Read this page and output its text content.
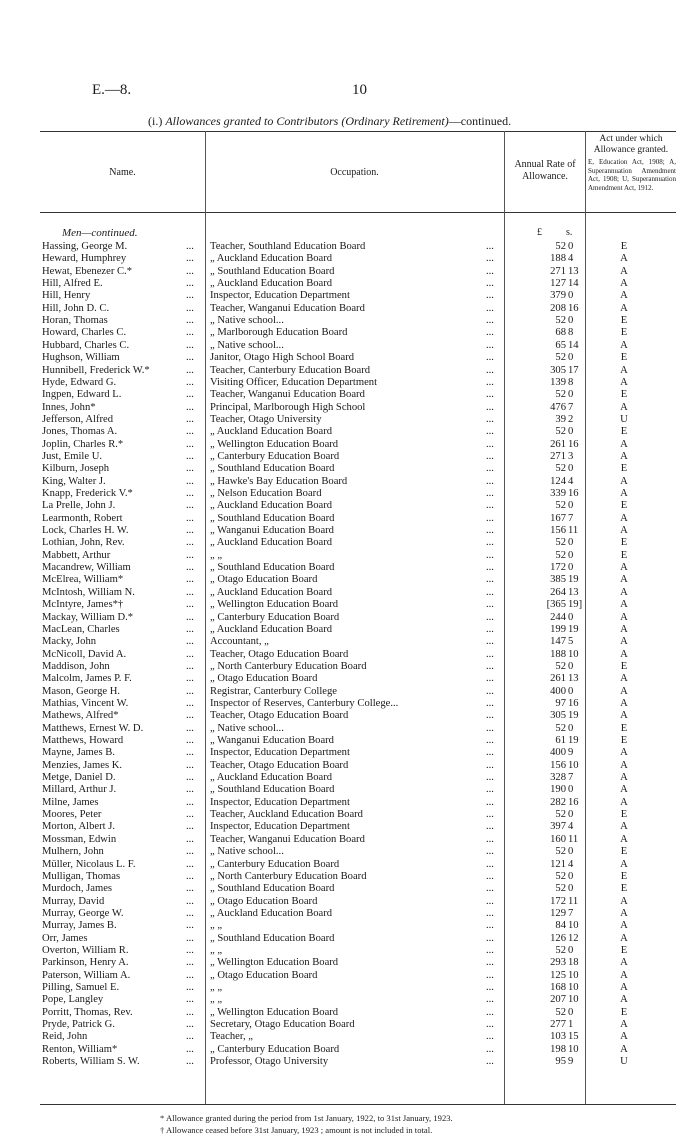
E.—8.	10
(i.) Allowances granted to Contributors (Ordinary Retirement)—continued.
Name.	Occupation.
Annual Rate of Allowance.
Act under which Allowance granted.
E, Education Act, 1908; A, Superannuation Amendment Act, 1908; U, Superannuation Amendment Act, 1912.
Men—continued.	£ s.
Hassing, George M.	... Teacher, Southland Education Board	...	52 0	E
Heward, Humphrey	... „ Auckland Education Board	...	188 4	A
Hewat, Ebenezer C.*	... „ Southland Education Board	...	271 13	A
Hill, Alfred E.	... „ Auckland Education Board	...	127 14	A
Hill, Henry	... Inspector, Education Department	...	379 0	A
Hill, John D. C.	... Teacher, Wanganui Education Board	...	208 16	A
Horan, Thomas	... „ Native school...	...	52 0	E
Howard, Charles C.	... „ Marlborough Education Board	...	68 8	E
Hubbard, Charles C.	... „ Native school...	...	65 14	A
Hughson, William	... Janitor, Otago High School Board	...	52 0	E
Hunnibell, Frederick W.*	... Teacher, Canterbury Education Board	...	305 17	A
Hyde, Edward G.	... Visiting Officer, Education Department	...	139 8	A
Ingpen, Edward L.	... Teacher, Wanganui Education Board	...	52 0	E
Innes, John*	... Principal, Marlborough High School	...	476 7	A
Jefferson, Alfred	... Teacher, Otago University	...	39 2	U
Jones, Thomas A.	... „ Auckland Education Board	...	52 0	E
Joplin, Charles R.*	... „ Wellington Education Board	...	261 16	A
Just, Emile U.	... „ Canterbury Education Board	...	271 3	A
Kilburn, Joseph	... „ Southland Education Board	...	52 0	E
King, Walter J.	... „ Hawke's Bay Education Board	...	124 4	A
Knapp, Frederick V.*	... „ Nelson Education Board	...	339 16	A
La Prelle, John J.	... „ Auckland Education Board	...	52 0	E
Learmonth, Robert	... „ Southland Education Board	...	167 7	A
Lock, Charles H. W.	... „ Wanganui Education Board	...	156 11	A
Lothian, John, Rev.	... „ Auckland Education Board	...	52 0	E
Mabbett, Arthur	... „ „	...	52 0	E
Macandrew, William	... „ Southland Education Board	...	172 0	A
McElrea, William*	... „ Otago Education Board	...	385 19	A
McIntosh, William N.	... „ Auckland Education Board	...	264 13	A
McIntyre, James*†	... „ Wellington Education Board	...	[365 19]	A
Mackay, William D.*	... „ Canterbury Education Board	...	244 0	A
MacLean, Charles	... „ Auckland Education Board	...	199 19	A
Macky, John	... Accountant, „	...	147 5	A
McNicoll, David A.	... Teacher, Otago Education Board	...	188 10	A
Maddison, John	... „ North Canterbury Education Board	...	52 0	E
Malcolm, James P. F.	... „ Otago Education Board	...	261 13	A
Mason, George H.	... Registrar, Canterbury College	...	400 0	A
Mathias, Vincent W.	... Inspector of Reserves, Canterbury College...	...	97 16	A
Mathews, Alfred*	... Teacher, Otago Education Board	...	305 19	A
Matthews, Ernest W. D.	... „ Native school...	...	52 0	E
Matthews, Howard	... „ Wanganui Education Board	...	61 19	E
Mayne, James B.	... Inspector, Education Department	...	400 9	A
Menzies, James K.	... Teacher, Otago Education Board	...	156 10	A
Metge, Daniel D.	... „ Auckland Education Board	...	328 7	A
Millard, Arthur J.	... „ Southland Education Board	...	190 0	A
Milne, James	... Inspector, Education Department	...	282 16	A
Moores, Peter	... Teacher, Auckland Education Board	...	52 0	E
Morton, Albert J.	... Inspector, Education Department	...	397 4	A
Mossman, Edwin	... Teacher, Wanganui Education Board	...	160 11	A
Mulhern, John	... „ Native school...	...	52 0	E
Müller, Nicolaus L. F.	... „ Canterbury Education Board	...	121 4	A
Mulligan, Thomas	... „ North Canterbury Education Board	...	52 0	E
Murdoch, James	... „ Southland Education Board	...	52 0	E
Murray, David	... „ Otago Education Board	...	172 11	A
Murray, George W.	... „ Auckland Education Board	...	129 7	A
Murray, James B.	... „ „	...	84 10	A
Orr, James	... „ Southland Education Board	...	126 12	A
Overton, William R.	... „ „	...	52 0	E
Parkinson, Henry A.	... „ Wellington Education Board	...	293 18	A
Paterson, William A.	... „ Otago Education Board	...	125 10	A
Pilling, Samuel E.	... „ „	...	168 10	A
Pope, Langley	... „ „	...	207 10	A
Porritt, Thomas, Rev.	... „ Wellington Education Board	...	52 0	E
Pryde, Patrick G.	... Secretary, Otago Education Board	...	277 1	A
Reid, John	... Teacher, „	...	103 15	A
Renton, William*	... „ Canterbury Education Board	...	198 10	A
Roberts, William S. W.	... Professor, Otago University	...	95 9	U
* Allowance granted during the period from 1st January, 1922, to 31st January, 1923.
† Allowance ceased before 31st January, 1923 ; amount is not included in total.
